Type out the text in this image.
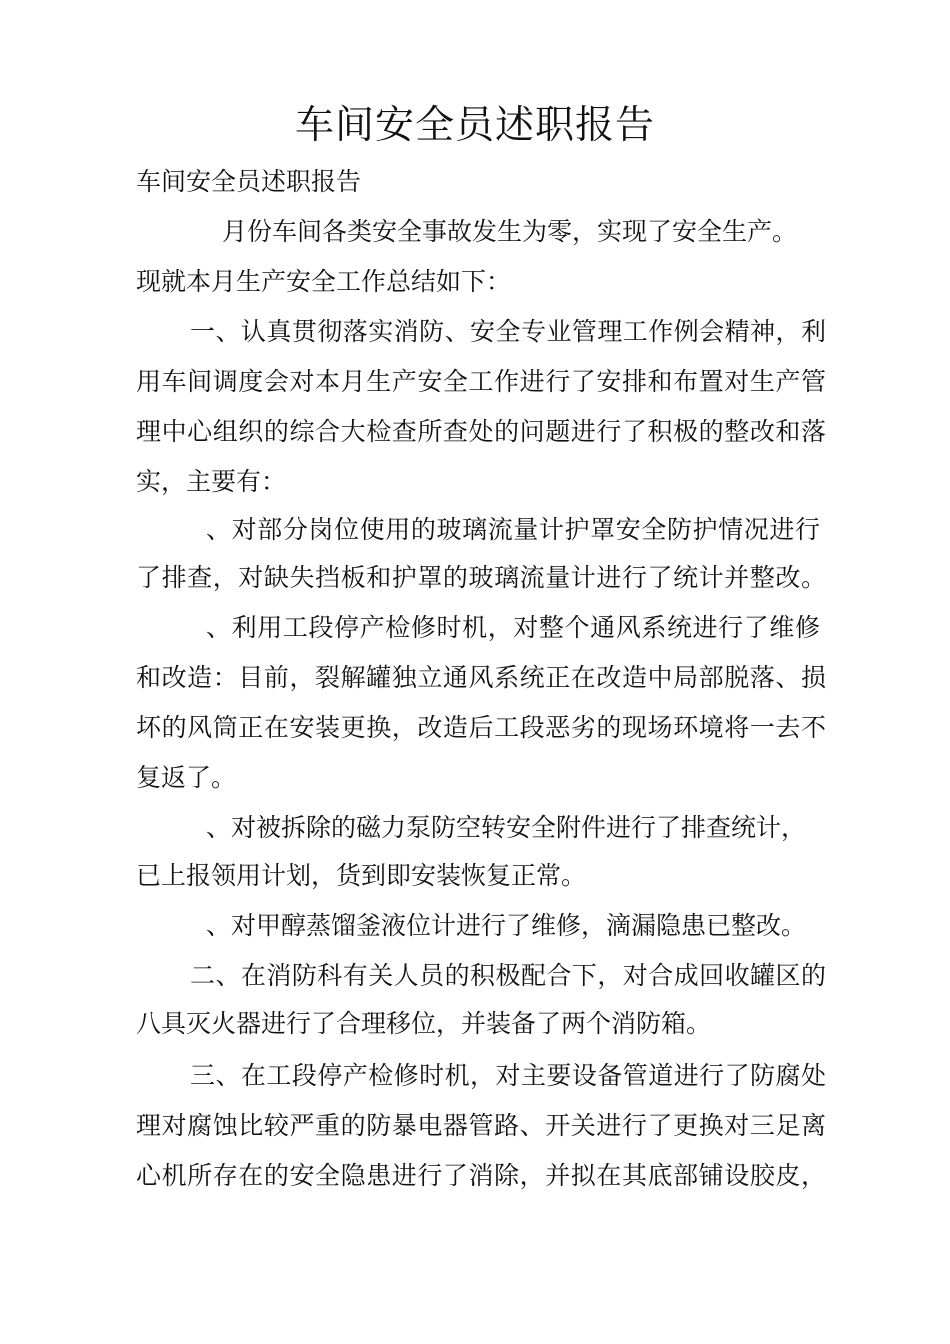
车间安全员述职报告

车间安全员述职报告

月份车间各类安全事故发生为零，实现了安全生产。

现就本月生产安全工作总结如下：

一、认真贯彻落实消防、安全专业管理工作例会精神，利

用车间调度会对本月生产安全工作进行了安排和布置对生产管

理中心组织的综合大检查所查处的问题进行了积极的整改和落

实，主要有：

、对部分岗位使用的玻璃流量计护罩安全防护情况进行

了排查，对缺失挡板和护罩的玻璃流量计进行了统计并整改。

、利用工段停产检修时机，对整个通风系统进行了维修

和改造：目前，裂解罐独立通风系统正在改造中局部脱落、损

坏的风筒正在安装更换，改造后工段恶劣的现场环境将一去不

复返了。

、对被拆除的磁力泵防空转安全附件进行了排查统计，

已上报领用计划，货到即安装恢复正常。

、对甲醇蒸馏釜液位计进行了维修，滴漏隐患已整改。

二、在消防科有关人员的积极配合下，对合成回收罐区的

八具灭火器进行了合理移位，并装备了两个消防箱。

三、在工段停产检修时机，对主要设备管道进行了防腐处

理对腐蚀比较严重的防暴电器管路、开关进行了更换对三足离

心机所存在的安全隐患进行了消除，并拟在其底部铺设胶皮，
